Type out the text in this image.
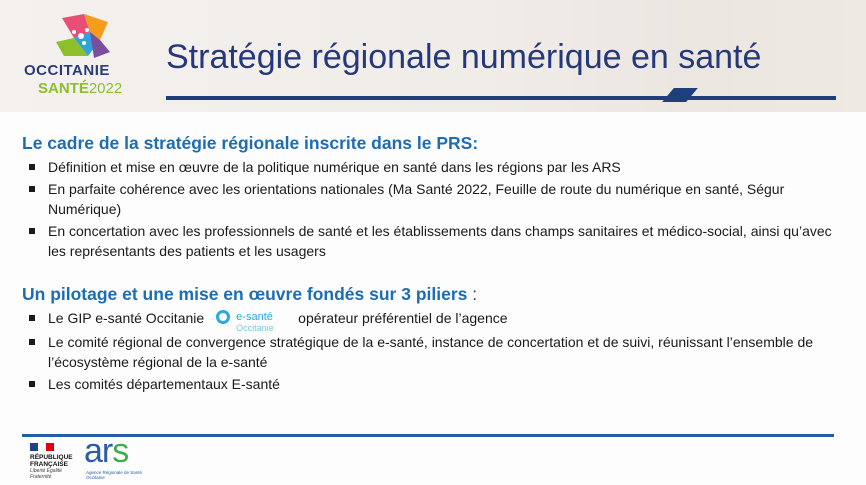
OCCITANIE
SANTÉ2022
Stratégie régionale numérique en santé
Le cadre de la stratégie régionale inscrite dans le PRS:
Définition et mise en œuvre de la politique numérique en santé dans les régions par les ARS
En parfaite cohérence avec les orientations nationales (Ma Santé 2022, Feuille de route du numérique en santé, Ségur Numérique)
En concertation avec les professionnels de santé et les établissements dans champs sanitaires et médico-social, ainsi qu’avec les représentants des patients et les usagers
Un pilotage et une mise en œuvre fondés sur 3 piliers :
Le GIP e-santé Occitanie	e-santé
Occitanie
opérateur préférentiel de l’agence
Le comité régional de convergence stratégique de la e-santé, instance de concertation et de suivi, réunissant l’ensemble de l’écosystème régional de la e-santé
Les comités départementaux E-santé
RÉPUBLIQUE
FRANÇAISE
Liberté Égalité Fraternité
ars
Agence Régionale de Santé Occitanie
